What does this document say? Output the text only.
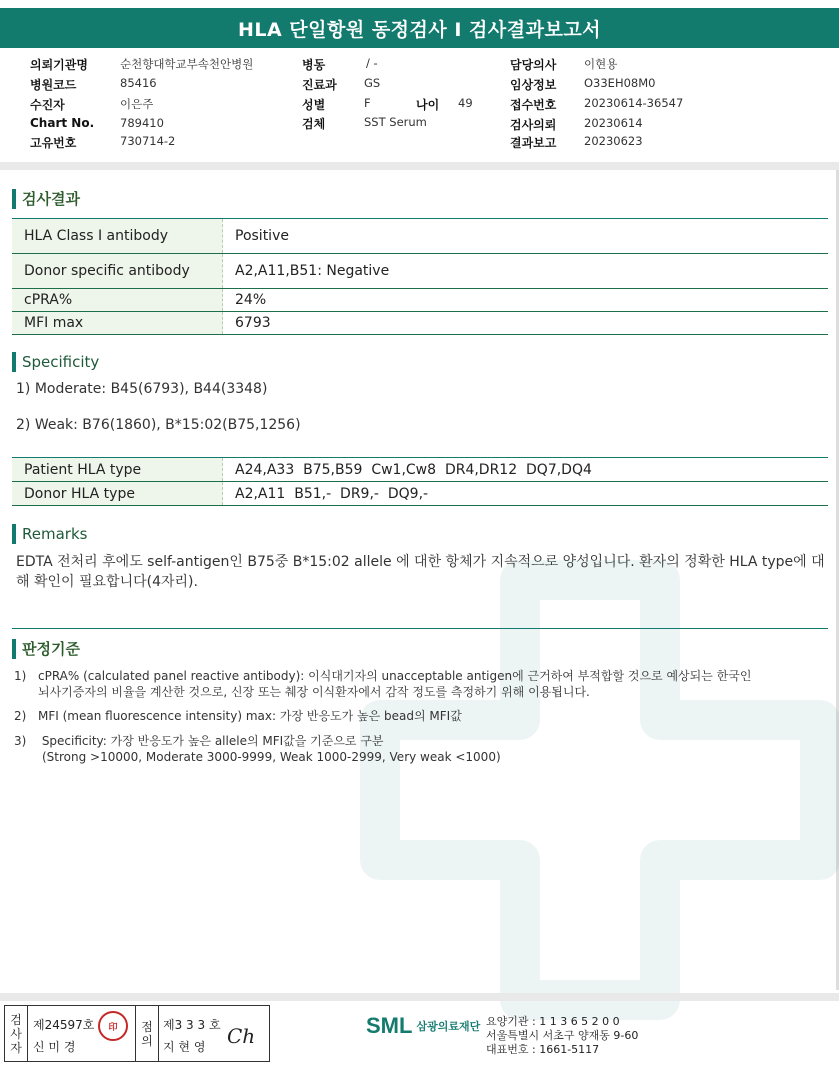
HLA 단일항원 동정검사 I 검사결과보고서
의뢰기관명	순천향대학교부속천안병원
병원코드	85416
수진자	이은주
Chart No. 789410
고유번호	730714-2
병동	/ -
진료과 GS
성별	F	나이 49
검체	SST Serum
담당의사 이현용
임상정보 O33EH08M0
접수번호 20230614-36547
검사의뢰 20230614
결과보고 20230623
검사결과
HLA Class I antibody	Positive
Donor specific antibody	A2,A11,B51: Negative
cPRA%	24%
MFI max	6793
Specificity
1) Moderate: B45(6793), B44(3348)
2) Weak: B76(1860), B*15:02(B75,1256)
Patient HLA type	A24,A33  B75,B59  Cw1,Cw8  DR4,DR12  DQ7,DQ4
Donor HLA type	A2,A11  B51,-  DR9,-  DQ9,-
Remarks
EDTA 전처리 후에도 self-antigen인 B75중 B*15:02 allele 에 대한 항체가 지속적으로 양성입니다. 환자의 정확한 HLA type에 대해 확인이 필요합니다(4자리).
판정기준
1) cPRA% (calculated panel reactive antibody): 이식대기자의 unacceptable antigen에 근거하여 부적합할 것으로 예상되는 한국인
뇌사기증자의 비율을 계산한 것으로, 신장 또는 췌장 이식환자에서 감작 정도를 측정하기 위해 이용됩니다.
2) MFI (mean fluorescence intensity) max: 가장 반응도가 높은 bead의 MFI값
3) Specificity: 가장 반응도가 높은 allele의 MFI값을 기준으로 구분
(Strong >10000, Moderate 3000-9999, Weak 1000-2999, Very weak <1000)
검
사
자
제24597호
신 미 경
점
의
제3 3 3 호
지 현 영 Ch
印	SML 삼광의료재단 요양기관 : 1 1 3 6 5 2 0 0
서울특별시 서초구 양재동 9-60
대표번호 : 1661-5117
